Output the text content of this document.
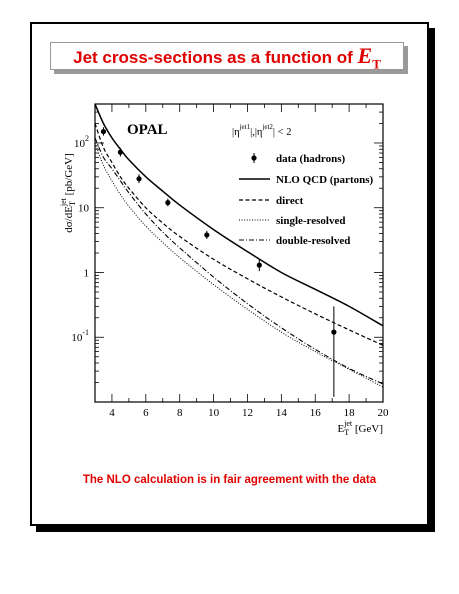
Jet cross-sections as a function of $E_T$
4	6	8 10 12 14 16 18 20
$10^{-1}$
1
10
$10^2$
$E_Tjet$ [GeV]
$d\sigma/dE_Tjet$ [pb/GeV]
OPAL	$|\eta^{jet1}|,|\eta^{jet2}| < 2$
data (hadrons)
NLO QCD (partons)
direct
single-resolved
double-resolved
The NLO calculation is in fair agreement with the data
